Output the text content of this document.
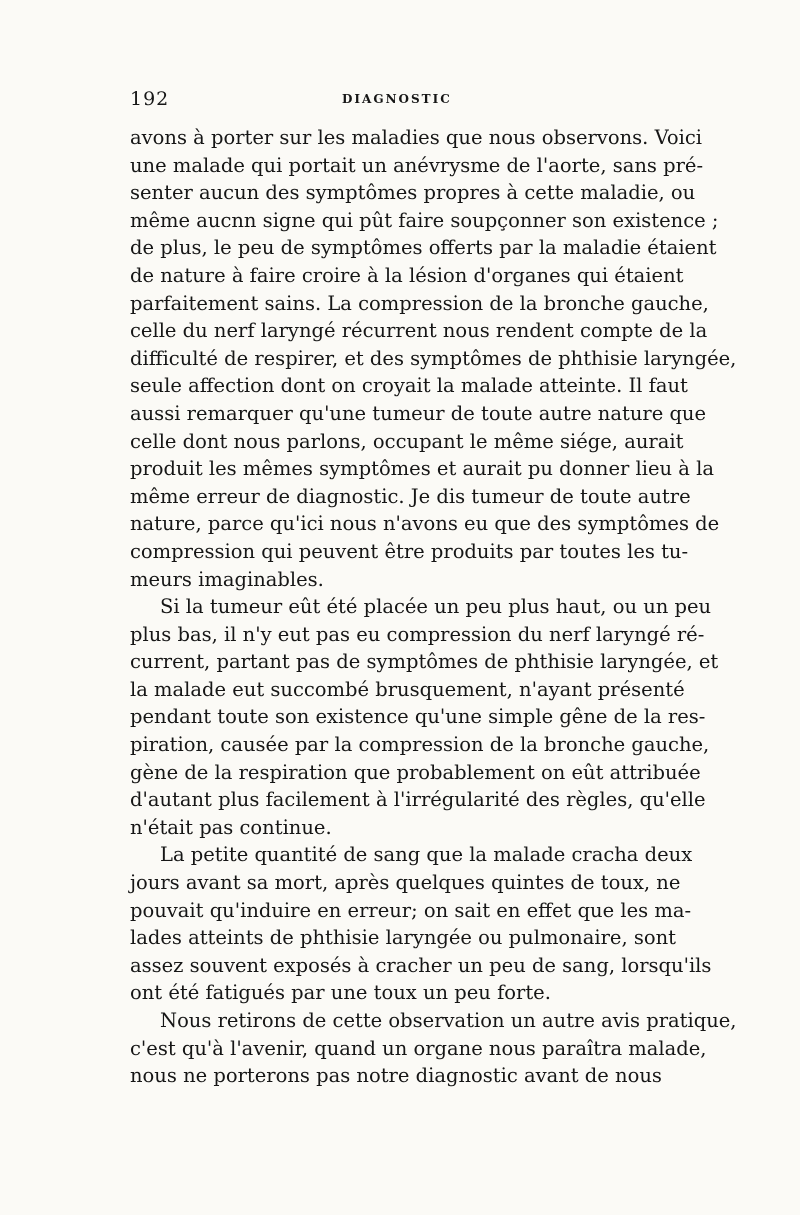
192	DIAGNOSTIC
avons à porter sur les maladies que nous observons. Voici
une malade qui portait un anévrysme de l'aorte, sans pré-
senter aucun des symptômes propres à cette maladie, ou
même aucnn signe qui pût faire soupçonner son existence ;
de plus, le peu de symptômes offerts par la maladie étaient
de nature à faire croire à la lésion d'organes qui étaient
parfaitement sains. La compression de la bronche gauche,
celle du nerf laryngé récurrent nous rendent compte de la
difficulté de respirer, et des symptômes de phthisie laryngée,
seule affection dont on croyait la malade atteinte. Il faut
aussi remarquer qu'une tumeur de toute autre nature que
celle dont nous parlons, occupant le même siége, aurait
produit les mêmes symptômes et aurait pu donner lieu à la
même erreur de diagnostic. Je dis tumeur de toute autre
nature, parce qu'ici nous n'avons eu que des symptômes de
compression qui peuvent être produits par toutes les tu-
meurs imaginables.
Si la tumeur eût été placée un peu plus haut, ou un peu
plus bas, il n'y eut pas eu compression du nerf laryngé ré-
current, partant pas de symptômes de phthisie laryngée, et
la malade eut succombé brusquement, n'ayant présenté
pendant toute son existence qu'une simple gêne de la res-
piration, causée par la compression de la bronche gauche,
gène de la respiration que probablement on eût attribuée
d'autant plus facilement à l'irrégularité des règles, qu'elle
n'était pas continue.
La petite quantité de sang que la malade cracha deux
jours avant sa mort, après quelques quintes de toux, ne
pouvait qu'induire en erreur; on sait en effet que les ma-
lades atteints de phthisie laryngée ou pulmonaire, sont
assez souvent exposés à cracher un peu de sang, lorsqu'ils
ont été fatigués par une toux un peu forte.
Nous retirons de cette observation un autre avis pratique,
c'est qu'à l'avenir, quand un organe nous paraîtra malade,
nous ne porterons pas notre diagnostic avant de nous
